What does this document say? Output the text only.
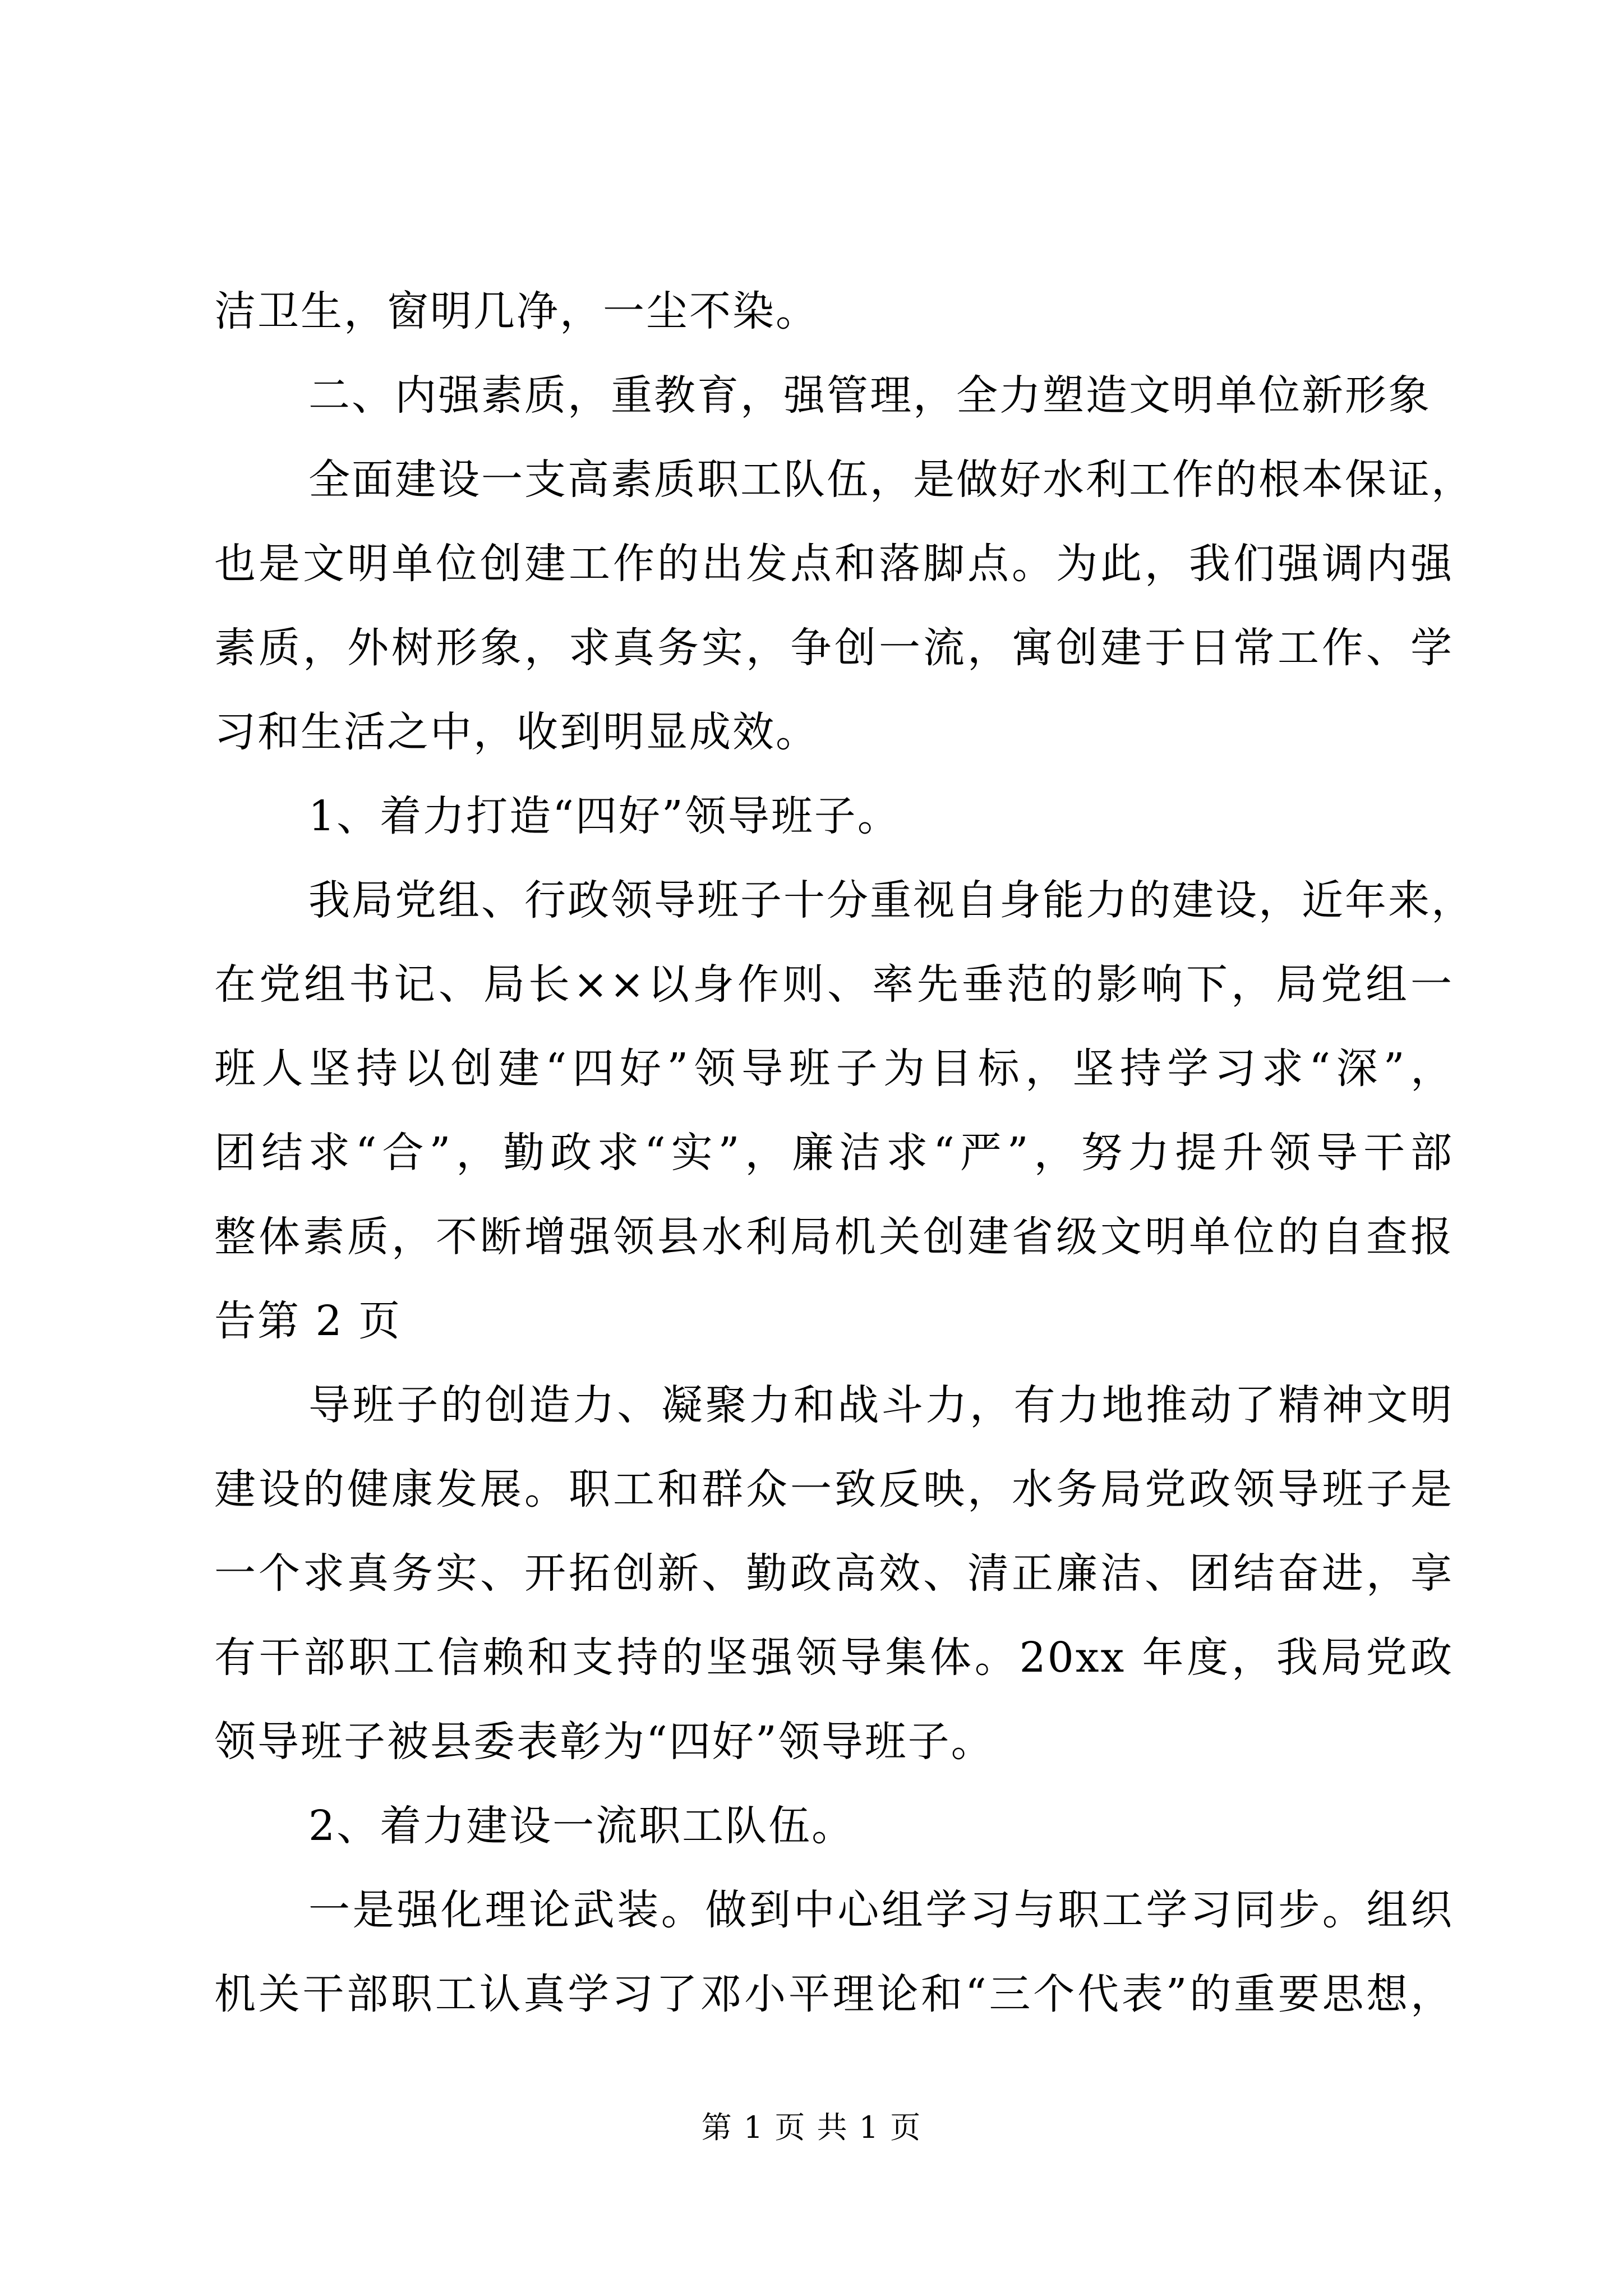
洁卫生，窗明几净，一尘不染。
二、内强素质，重教育，强管理，全力塑造文明单位新形象
全面建设一支高素质职工队伍，是做好水利工作的根本保证，
也是文明单位创建工作的出发点和落脚点。为此，我们强调内强
素质，外树形象，求真务实，争创一流，寓创建于日常工作、学
习和生活之中，收到明显成效。
1、着力打造“四好”领导班子。
我局党组、行政领导班子十分重视自身能力的建设，近年来，
在党组书记、局长××以身作则、率先垂范的影响下，局党组一
班人坚持以创建“四好”领导班子为目标，坚持学习求“深”，
团结求“合”，勤政求“实”，廉洁求“严”，努力提升领导干部
整体素质，不断增强领县水利局机关创建省级文明单位的自查报
告第 2 页
导班子的创造力、凝聚力和战斗力，有力地推动了精神文明
建设的健康发展。职工和群众一致反映，水务局党政领导班子是
一个求真务实、开拓创新、勤政高效、清正廉洁、团结奋进，享
有干部职工信赖和支持的坚强领导集体。20xx 年度，我局党政
领导班子被县委表彰为“四好”领导班子。
2、着力建设一流职工队伍。
一是强化理论武装。做到中心组学习与职工学习同步。组织
机关干部职工认真学习了邓小平理论和“三个代表”的重要思想，
第 1 页 共 1 页
